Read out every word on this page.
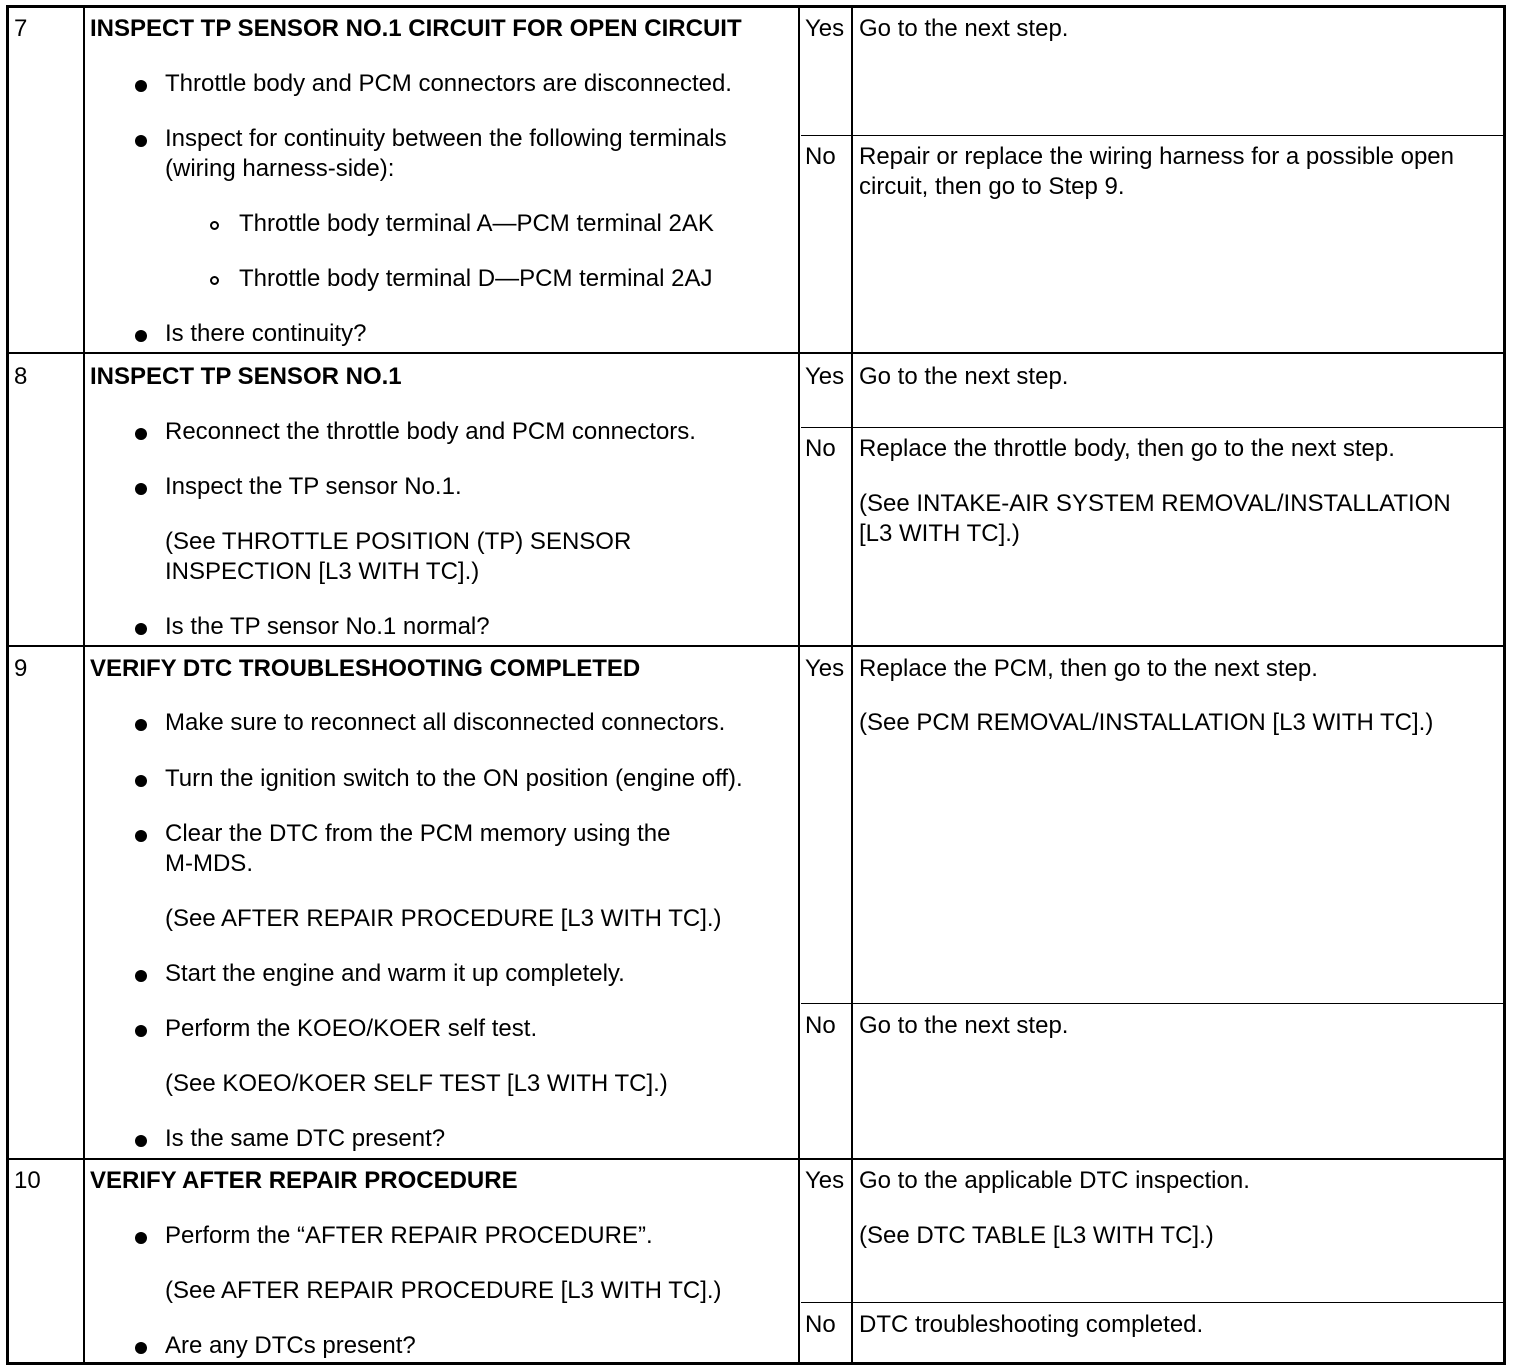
7	INSPECT TP SENSOR NO.1 CIRCUIT FOR OPEN CIRCUIT
Throttle body and PCM connectors are disconnected.
Inspect for continuity between the following terminals
(wiring harness-side):
Throttle body terminal A—PCM terminal 2AK
Throttle body terminal D—PCM terminal 2AJ
Is there continuity?
Yes Go to the next step.
No Repair or replace the wiring harness for a possible open
circuit, then go to Step 9.
8	INSPECT TP SENSOR NO.1
Reconnect the throttle body and PCM connectors.
Inspect the TP sensor No.1.
(See THROTTLE POSITION (TP) SENSOR
INSPECTION [L3 WITH TC].)
Is the TP sensor No.1 normal?
Yes Go to the next step.
No Replace the throttle body, then go to the next step.
(See INTAKE-AIR SYSTEM REMOVAL/INSTALLATION
[L3 WITH TC].)
9	VERIFY DTC TROUBLESHOOTING COMPLETED
Make sure to reconnect all disconnected connectors.
Turn the ignition switch to the ON position (engine off).
Clear the DTC from the PCM memory using the
M-MDS.
(See AFTER REPAIR PROCEDURE [L3 WITH TC].)
Start the engine and warm it up completely.
Perform the KOEO/KOER self test.
(See KOEO/KOER SELF TEST [L3 WITH TC].)
Is the same DTC present?
Yes Replace the PCM, then go to the next step.
(See PCM REMOVAL/INSTALLATION [L3 WITH TC].)
No Go to the next step.
10 VERIFY AFTER REPAIR PROCEDURE
Perform the “AFTER REPAIR PROCEDURE”.
(See AFTER REPAIR PROCEDURE [L3 WITH TC].)
Are any DTCs present?
Yes Go to the applicable DTC inspection.
(See DTC TABLE [L3 WITH TC].)
No DTC troubleshooting completed.
